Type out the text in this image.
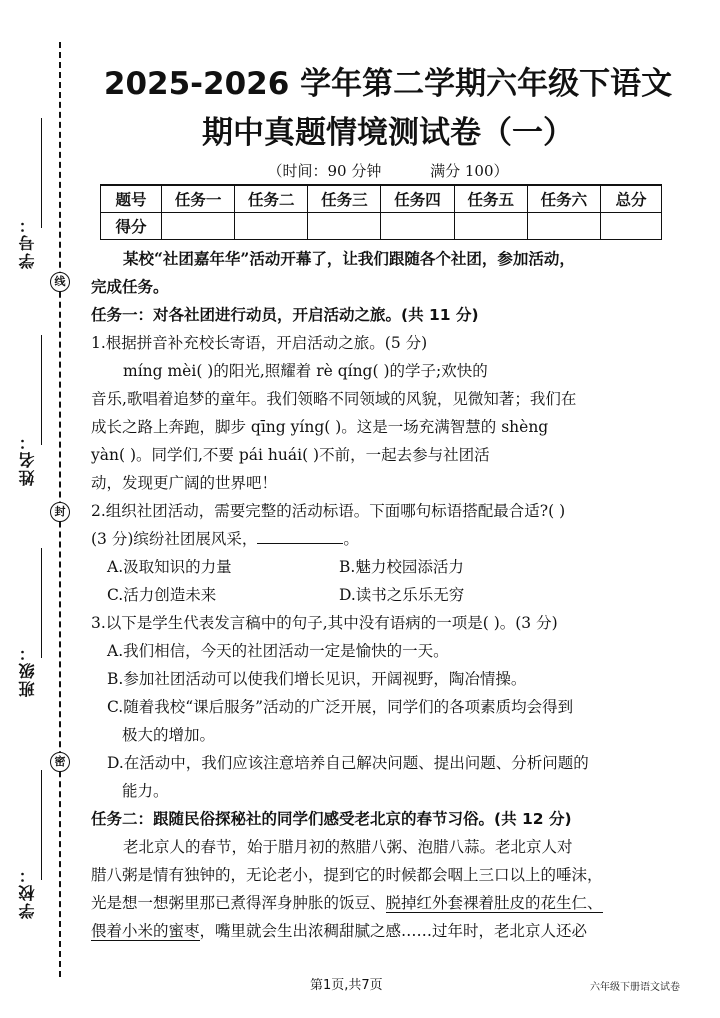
线
封
密
学号：
姓名：
班级：
学校：
2025-2026 学年第二学期六年级下语文
期中真题情境测试卷（一）
（时间：90 分钟	满分 100）
题号	任务一	任务二	任务三	任务四	任务五	任务六	总分
得分							

某校“社团嘉年华”活动开幕了，让我们跟随各个社团，参加活动，

完成任务。

任务一：对各社团进行动员，开启活动之旅。(共 11 分)

1.根据拼音补充校长寄语，开启活动之旅。(5 分)

míng mèi( )的阳光,照耀着 rè qíng( )的学子;欢快的

音乐,歌唱着追梦的童年。我们领略不同领域的风貌，见微知著；我们在

成长之路上奔跑，脚步 qīng yíng( )。这是一场充满智慧的 shèng

yàn( )。同学们,不要 pái huái( )不前，一起去参与社团活

动，发现更广阔的世界吧！

2.组织社团活动，需要完整的活动标语。下面哪句标语搭配最合适?( )

(3 分)缤纷社团展风采，	。

A.汲取知识的力量	B.魅力校园添活力

C.活力创造未来	D.读书之乐乐无穷

3.以下是学生代表发言稿中的句子,其中没有语病的一项是( )。(3 分)

A.我们相信，今天的社团活动一定是愉快的一天。

B.参加社团活动可以使我们增长见识，开阔视野，陶冶情操。

C.随着我校“课后服务”活动的广泛开展，同学们的各项素质均会得到

极大的增加。

D.在活动中，我们应该注意培养自己解决问题、提出问题、分析问题的

能力。

任务二：跟随民俗探秘社的同学们感受老北京的春节习俗。(共 12 分)

老北京人的春节，始于腊月初的熬腊八粥、泡腊八蒜。老北京人对

腊八粥是情有独钟的，无论老小，提到它的时候都会咽上三口以上的唾沫，

光是想一想粥里那已煮得浑身肿胀的饭豆、脱掉红外套裸着肚皮的花生仁、

偎着小米的蜜枣，嘴里就会生出浓稠甜腻之感……过年时，老北京人还必

第1页,共7页	六年级下册语文试卷
